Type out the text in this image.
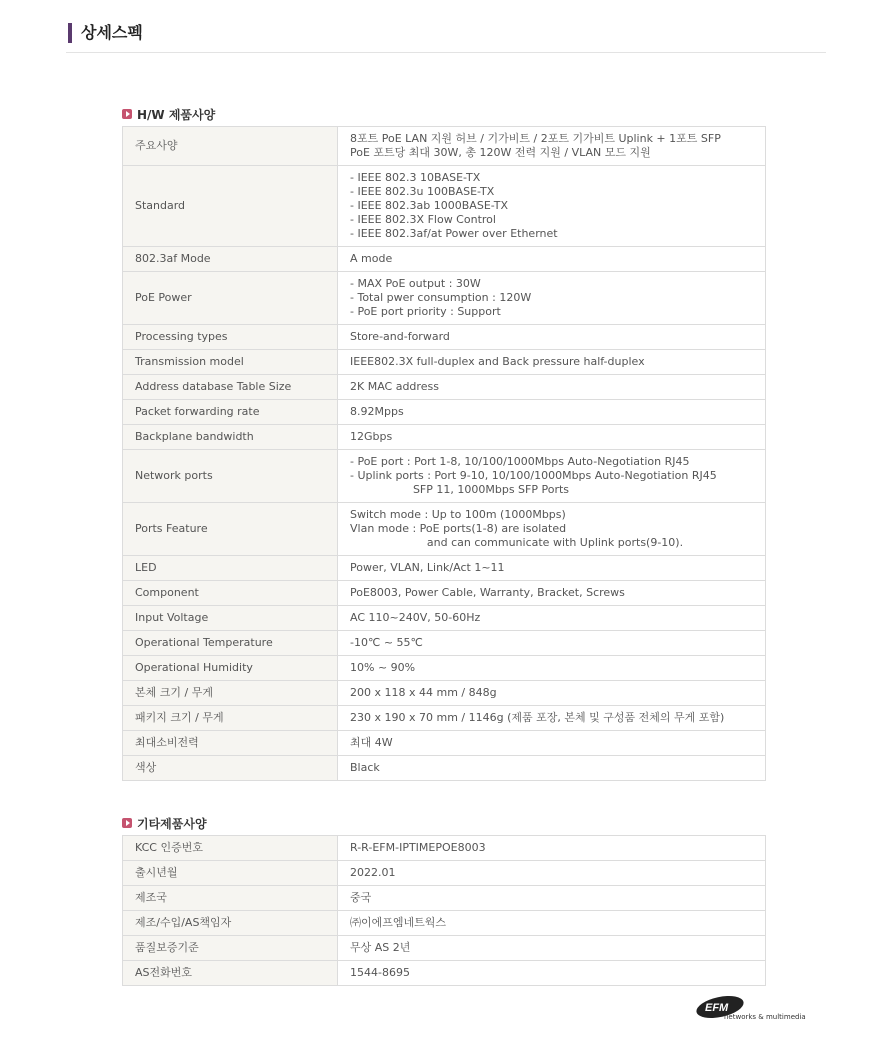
상세스펙
H/W 제품사양
주요사양	8포트 PoE LAN 지원 허브 / 기가비트 / 2포트 기가비트 Uplink + 1포트 SFP
PoE 포트당 최대 30W, 총 120W 전력 지원 / VLAN 모드 지원

Standard	- IEEE 802.3 10BASE-TX
- IEEE 802.3u 100BASE-TX
- IEEE 802.3ab 1000BASE-TX
- IEEE 802.3X Flow Control
- IEEE 802.3af/at Power over Ethernet

802.3af Mode	A mode

PoE Power	- MAX PoE output : 30W
- Total pwer consumption : 120W
- PoE port priority : Support

Processing types	Store-and-forward

Transmission model	IEEE802.3X full-duplex and Back pressure half-duplex

Address database Table Size	2K MAC address

Packet forwarding rate	8.92Mpps

Backplane bandwidth	12Gbps

Network ports	- PoE port : Port 1-8, 10/100/1000Mbps Auto-Negotiation RJ45
- Uplink ports : Port 9-10, 10/100/1000Mbps Auto-Negotiation RJ45
SFP 11, 1000Mbps SFP Ports

Ports Feature	Switch mode : Up to 100m (1000Mbps)
Vlan mode : PoE ports(1-8) are isolated
and can communicate with Uplink ports(9-10).

LED	Power, VLAN, Link/Act 1~11

Component	PoE8003, Power Cable, Warranty, Bracket, Screws

Input Voltage	AC 110~240V, 50-60Hz

Operational Temperature	-10℃ ~ 55℃

Operational Humidity	10% ~ 90%

본체 크기 / 무게	200 x 118 x 44 mm / 848g

패키지 크기 / 무게	230 x 190 x 70 mm / 1146g (제품 포장, 본체 및 구성품 전체의 무게 포함)

최대소비전력	최대 4W

색상	Black
기타제품사양
KCC 인증번호	R-R-EFM-IPTIMEPOE8003

출시년월	2022.01

제조국	중국

제조/수입/AS책임자	㈜이에프엠네트웍스

품질보증기준	무상 AS 2년

AS전화번호	1544-8695
EFM
networks & multimedia
